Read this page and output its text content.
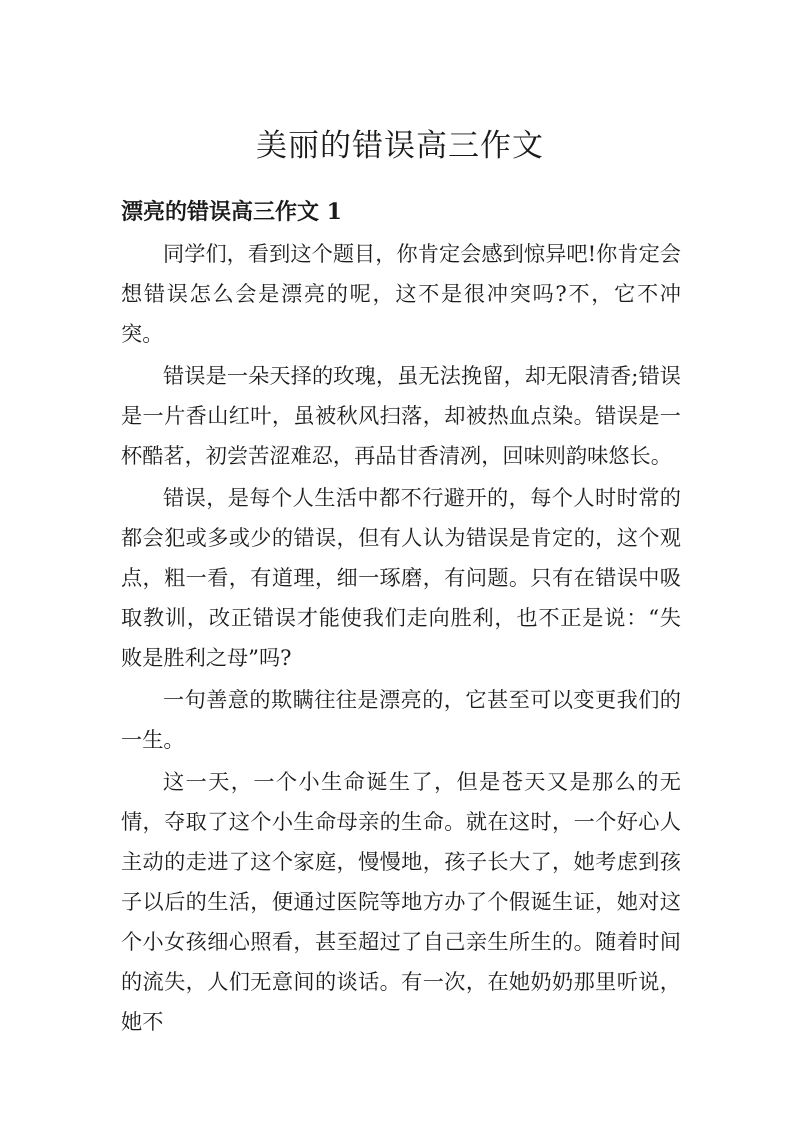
美丽的错误高三作文
漂亮的错误高三作文 1

同学们，看到这个题目，你肯定会感到惊异吧!你肯定会想错误怎么会是漂亮的呢，这不是很冲突吗?不，它不冲突。

错误是一朵天择的玫瑰，虽无法挽留，却无限清香;错误是一片香山红叶，虽被秋风扫落，却被热血点染。错误是一杯酷茗，初尝苦涩难忍，再品甘香清冽，回味则韵味悠长。

错误，是每个人生活中都不行避开的，每个人时时常的都会犯或多或少的错误，但有人认为错误是肯定的，这个观点，粗一看，有道理，细一琢磨，有问题。只有在错误中吸取教训，改正错误才能使我们走向胜利，也不正是说：“失败是胜利之母”吗?

一句善意的欺瞒往往是漂亮的，它甚至可以变更我们的一生。

这一天，一个小生命诞生了，但是苍天又是那么的无情，夺取了这个小生命母亲的生命。就在这时，一个好心人主动的走进了这个家庭，慢慢地，孩子长大了，她考虑到孩子以后的生活，便通过医院等地方办了个假诞生证，她对这个小女孩细心照看，甚至超过了自己亲生所生的。随着时间的流失，人们无意间的谈话。有一次，在她奶奶那里听说，她不
